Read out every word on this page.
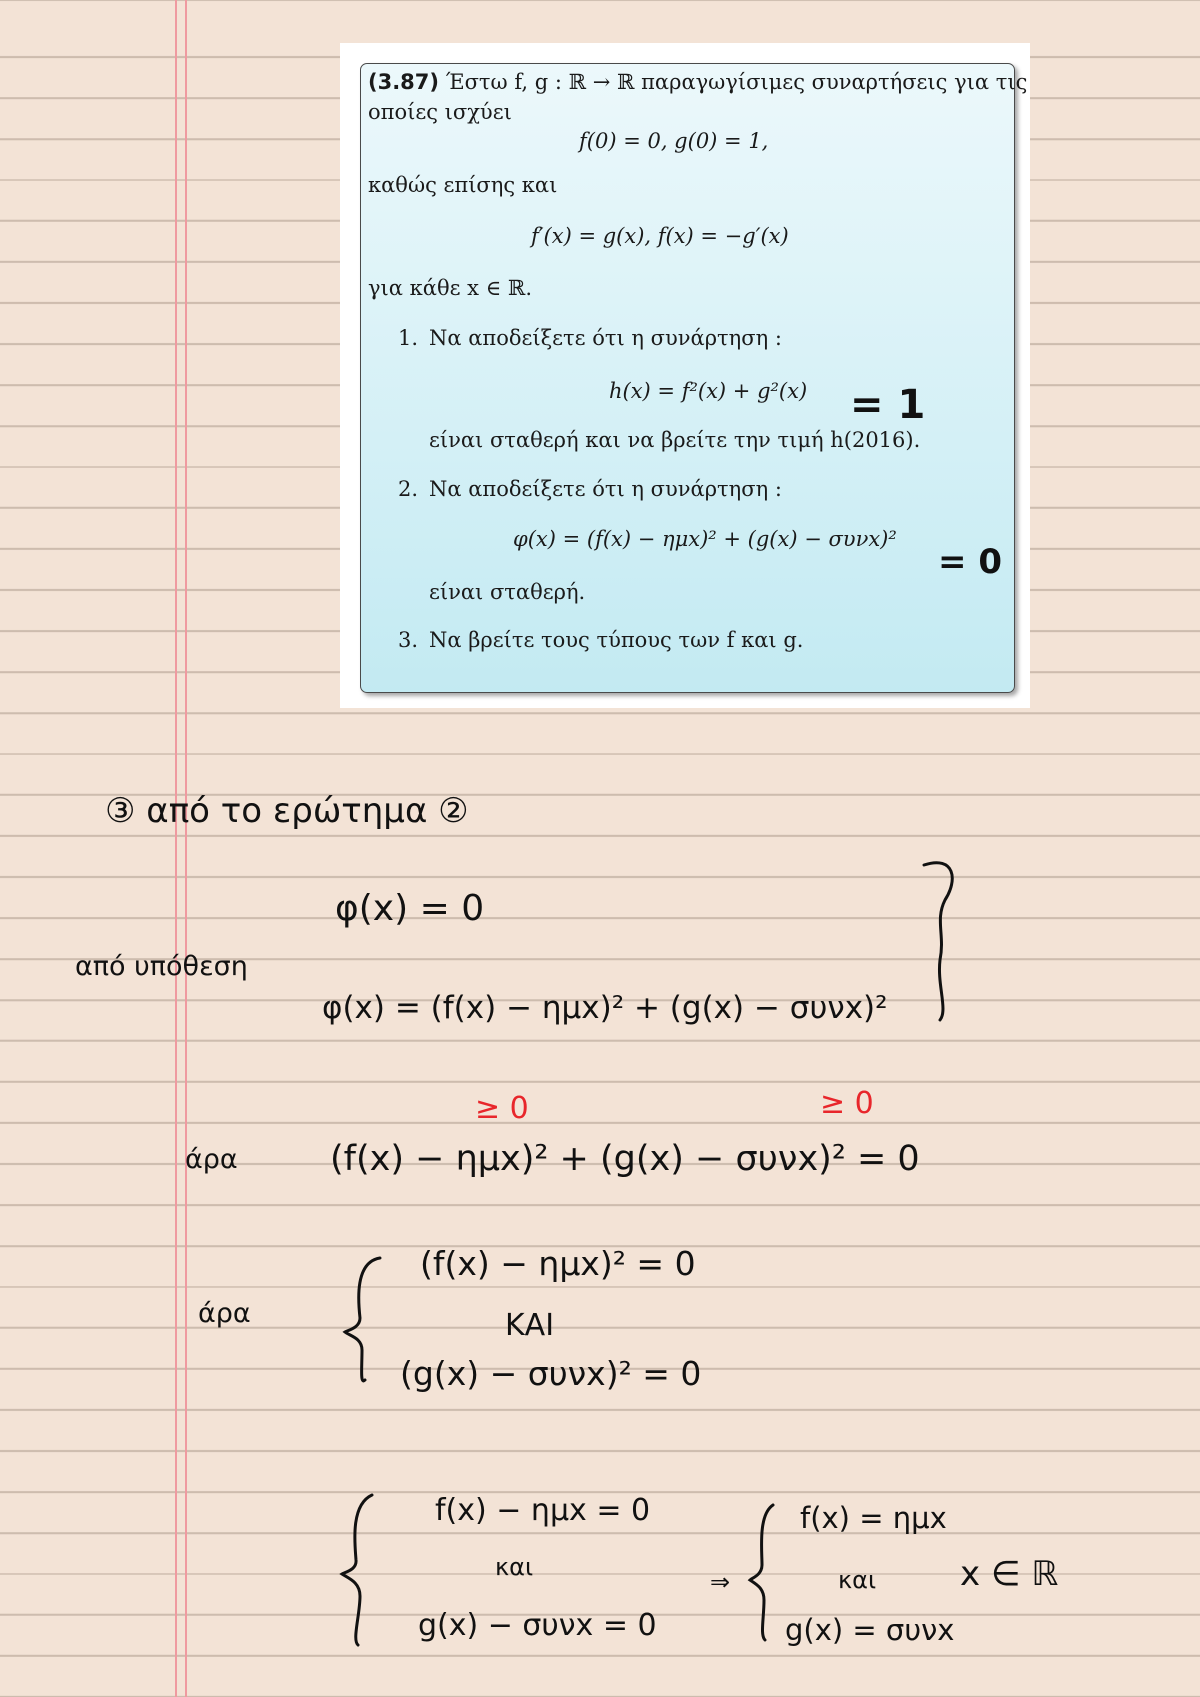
(3.87) Έστω f, g : ℝ → ℝ παραγωγίσιμες συναρτήσεις για τις
οποίες ισχύει
f(0) = 0, g(0) = 1,
καθώς επίσης και
f′(x) = g(x), f(x) = −g′(x)
για κάθε x ∈ ℝ.
1. Να αποδείξετε ότι η συνάρτηση :
h(x) = f²(x) + g²(x)
είναι σταθερή και να βρείτε την τιμή h(2016).
2. Να αποδείξετε ότι η συνάρτηση :
φ(x) = (f(x) − ημx)² + (g(x) − συνx)²
είναι σταθερή.
3. Να βρείτε τους τύπους των f και g.
= 1
= 0
③ από το ερώτημα ②
φ(x) = 0
από υπόθεση
φ(x) = (f(x) − ημx)² + (g(x) − συνx)²
≥ 0	≥ 0
άρα	(f(x) − ημx)² + (g(x) − συνx)² = 0
άρα
(f(x) − ημx)² = 0
ΚΑΙ
(g(x) − συνx)² = 0
f(x) − ημx = 0
και
g(x) − συνx = 0
⇒
f(x) = ημx
και x ∈ ℝ
g(x) = συνx
